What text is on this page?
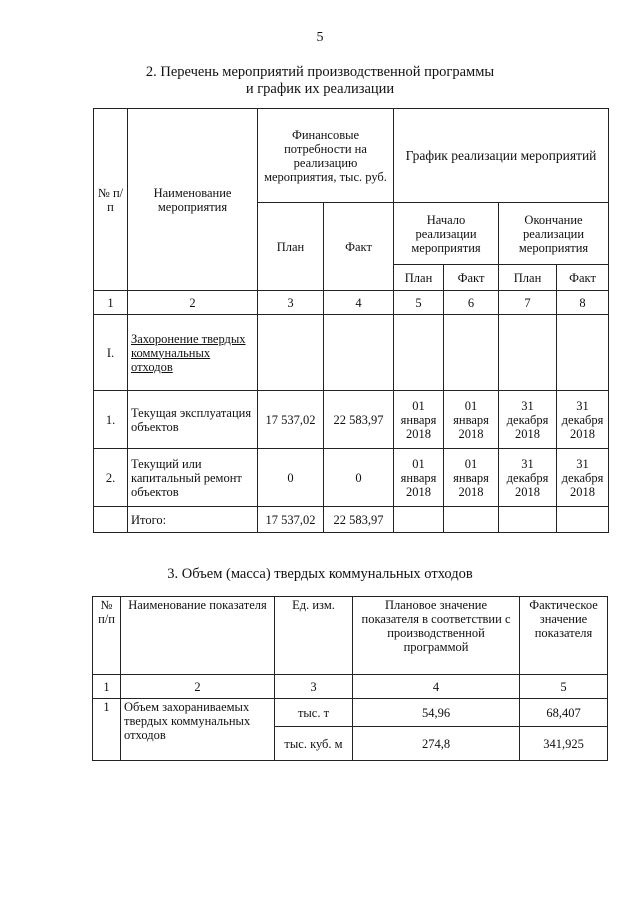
5
2. Перечень мероприятий производственной программы
и график их реализации
№ п/п	Наименование мероприятия	Финансовые потребности на реализацию мероприятия, тыс. руб.		График реализации мероприятий			
		План	Факт	Начало реализации мероприятия		Окончание реализации мероприятия	
				План	Факт	План	Факт
1	2	3	4	5	6	7	8
I.	Захоронение твердых коммунальных отходов						
1.	Текущая эксплуатация объектов	17 537,02	22 583,97	01 января 2018	01 января 2018	31 декабря 2018	31 декабря 2018
2.	Текущий или капитальный ремонт объектов	0	0	01 января 2018	01 января 2018	31 декабря 2018	31 декабря 2018
	Итого:	17 537,02	22 583,97				
3. Объем (масса) твердых коммунальных отходов
№ п/п	Наименование показателя	Ед. изм.	Плановое значение показателя в соответствии с производственной программой	Фактическое значение показателя
1	2	3	4	5
1	Объем захораниваемых твердых коммунальных отходов	тыс. т	54,96	68,407
		тыс. куб. м	274,8	341,925
